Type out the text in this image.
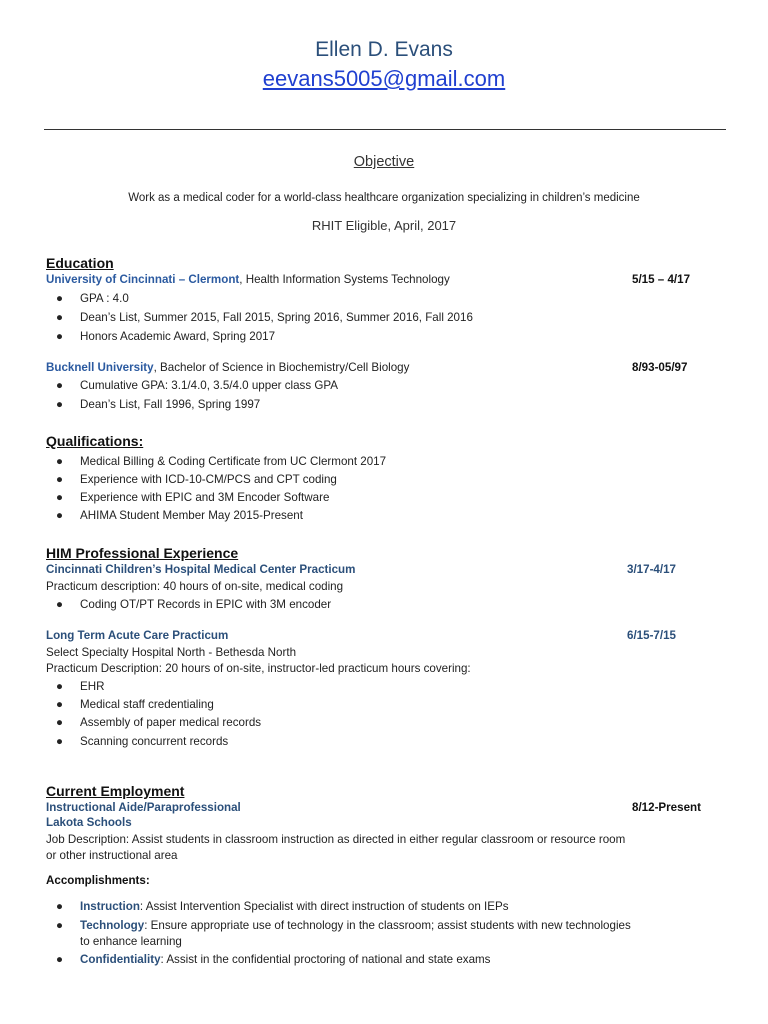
Ellen D. Evans
eevans5005@gmail.com
Objective
Work as a medical coder for a world-class healthcare organization specializing in children’s medicine
RHIT Eligible, April, 2017
Education
University of Cincinnati – Clermont, Health Information Systems Technology	5/15 – 4/17
● GPA : 4.0
● Dean’s List, Summer 2015, Fall 2015, Spring 2016, Summer 2016, Fall 2016
● Honors Academic Award, Spring 2017
Bucknell University, Bachelor of Science in Biochemistry/Cell Biology	8/93-05/97
● Cumulative GPA: 3.1/4.0, 3.5/4.0 upper class GPA
● Dean’s List, Fall 1996, Spring 1997
Qualifications:
● Medical Billing & Coding Certificate from UC Clermont 2017
● Experience with ICD-10-CM/PCS and CPT coding
● Experience with EPIC and 3M Encoder Software
● AHIMA Student Member May 2015-Present
HIM Professional Experience
Cincinnati Children’s Hospital Medical Center Practicum	3/17-4/17
Practicum description: 40 hours of on-site, medical coding
● Coding OT/PT Records in EPIC with 3M encoder
Long Term Acute Care Practicum	6/15-7/15
Select Specialty Hospital North - Bethesda North
Practicum Description: 20 hours of on-site, instructor-led practicum hours covering:
● EHR
● Medical staff credentialing
● Assembly of paper medical records
● Scanning concurrent records
Current Employment
Instructional Aide/Paraprofessional	8/12-Present
Lakota Schools
Job Description: Assist students in classroom instruction as directed in either regular classroom or resource room
or other instructional area
Accomplishments:
● Instruction: Assist Intervention Specialist with direct instruction of students on IEPs
● Technology: Ensure appropriate use of technology in the classroom; assist students with new technologies
to enhance learning
● Confidentiality: Assist in the confidential proctoring of national and state exams
